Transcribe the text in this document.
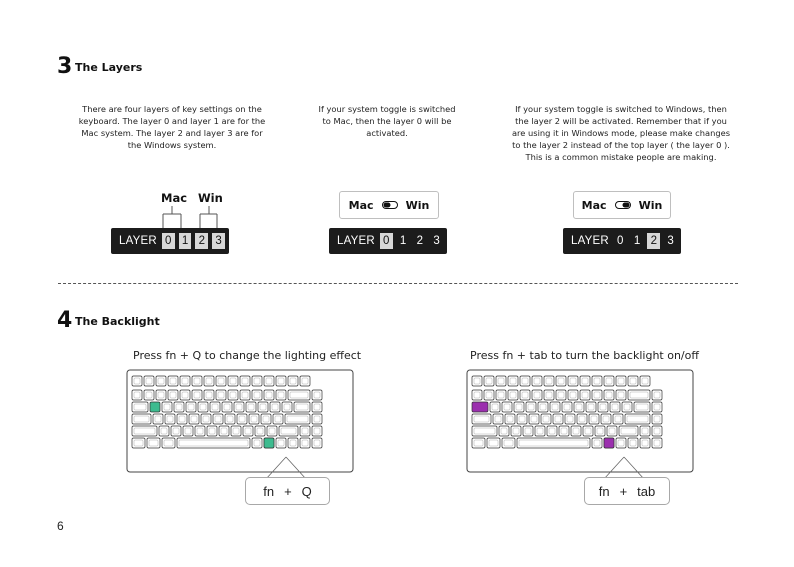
3 The Layers
There are four layers of key settings on the
keyboard. The layer 0 and layer 1 are for the
Mac system. The layer 2 and layer 3 are for
the Windows system.
If your system toggle is switched
to Mac, then the layer 0 will be
activated.
If your system toggle is switched to Windows, then
the layer 2 will be activated. Remember that if you
are using it in Windows mode, please make changes
to the layer 2 instead of the top layer ( the layer 0 ).
This is a common mistake people are making.
Mac Win
LAYER 0 1 2 3
Mac	Win
LAYER 0 1 2 3
Mac	Win
LAYER 0 1 2 3
4 The Backlight
Press fn + Q to change the lighting effect	Press fn + tab to turn the backlight on/off
fn + Q	fn + tab
6
